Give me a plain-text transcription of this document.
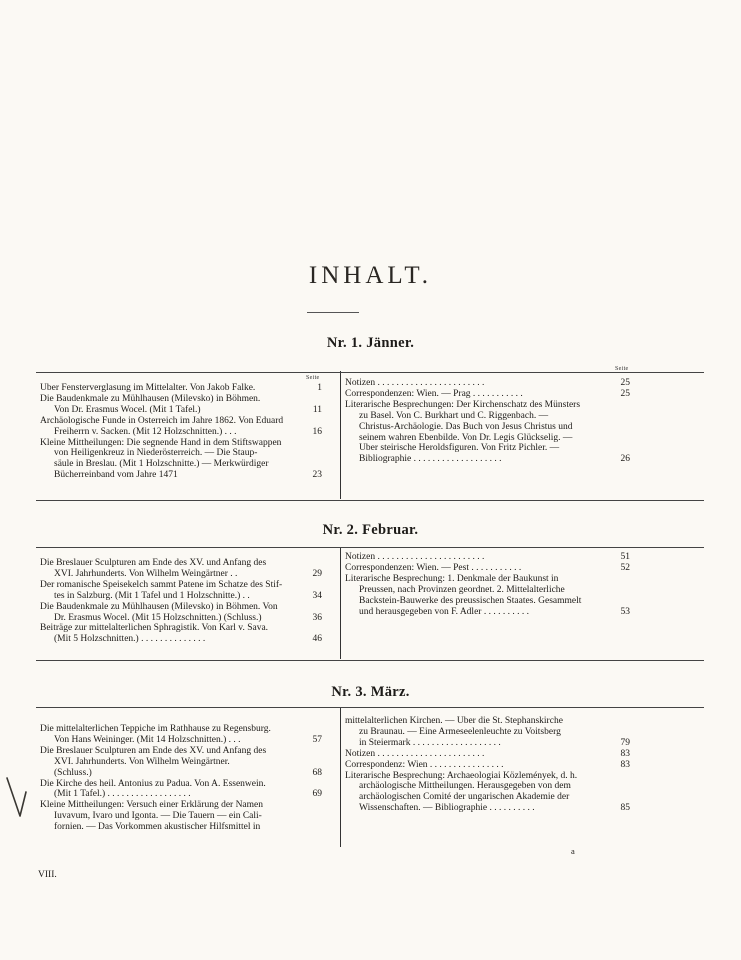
INHALT.
Nr. 1. Jänner.
Seite
Seite
Über Fensterverglasung im Mittelalter. Von Jakob Falke.	1
Die Baudenkmale zu Mühlhausen (Milevsko) in Böhmen.
Von Dr. Erasmus Wocel. (Mit 1 Tafel.)	11
Archäologische Funde in Österreich im Jahre 1862. Von Eduard
Freiherrn v. Sacken. (Mit 12 Holzschnitten.) . . .	16
Kleine Mittheilungen: Die segnende Hand in dem Stiftswappen
von Heiligenkreuz in Niederösterreich. — Die Staup-
säule in Breslau. (Mit 1 Holzschnitte.) — Merkwürdiger
Bücherreinband vom Jahre 1471	23
Notizen . . . . . . . . . . . . . . . . . . . . . . .	25
Correspondenzen: Wien. — Prag . . . . . . . . . . .	25
Literarische Besprechungen: Der Kirchenschatz des Münsters
zu Basel. Von C. Burkhart und C. Riggenbach. —
Christus-Archäologie. Das Buch von Jesus Christus und
seinem wahren Ebenbilde. Von Dr. Legis Glückselig. —
Über steirische Heroldsfiguren. Von Fritz Pichler. —
Bibliographie . . . . . . . . . . . . . . . . . . .	26
Nr. 2. Februar.
Die Breslauer Sculpturen am Ende des XV. und Anfang des
XVI. Jahrhunderts. Von Wilhelm Weingärtner . .	29
Der romanische Speisekelch sammt Patene im Schatze des Stif-
tes in Salzburg. (Mit 1 Tafel und 1 Holzschnitte.) . .	34
Die Baudenkmale zu Mühlhausen (Milevsko) in Böhmen. Von
Dr. Erasmus Wocel. (Mit 15 Holzschnitten.) (Schluss.)	36
Beiträge zur mittelalterlichen Sphragistik. Von Karl v. Sava.
(Mit 5 Holzschnitten.) . . . . . . . . . . . . . .	46
Notizen . . . . . . . . . . . . . . . . . . . . . . .	51
Correspondenzen: Wien. — Pest . . . . . . . . . . .	52
Literarische Besprechung: 1. Denkmale der Baukunst in
Preussen, nach Provinzen geordnet. 2. Mittelalterliche
Backstein-Bauwerke des preussischen Staates. Gesammelt
und herausgegeben von F. Adler . . . . . . . . . .	53
Nr. 3. März.
Die mittelalterlichen Teppiche im Rathhause zu Regensburg.
Von Hans Weininger. (Mit 14 Holzschnitten.) . . .	57
Die Breslauer Sculpturen am Ende des XV. und Anfang des
XVI. Jahrhunderts. Von Wilhelm Weingärtner.
(Schluss.)	68
Die Kirche des heil. Antonius zu Padua. Von A. Essenwein.
(Mit 1 Tafel.) . . . . . . . . . . . . . . . . . .	69
Kleine Mittheilungen: Versuch einer Erklärung der Namen
Iuvavum, Ivaro und Igonta. — Die Tauern — ein Cali-
fornien. — Das Vorkommen akustischer Hilfsmittel in
mittelalterlichen Kirchen. — Über die St. Stephanskirche
zu Braunau. — Eine Armeseelenleuchte zu Voitsberg
in Steiermark . . . . . . . . . . . . . . . . . . .	79
Notizen . . . . . . . . . . . . . . . . . . . . . . .	83
Correspondenz: Wien . . . . . . . . . . . . . . . .	83
Literarische Besprechung: Archaeologiai Közlemények, d. h.
archäologische Mittheilungen. Herausgegeben von dem
archäologischen Comité der ungarischen Akademie der
Wissenschaften. — Bibliographie . . . . . . . . . .	85
VIII.
a
